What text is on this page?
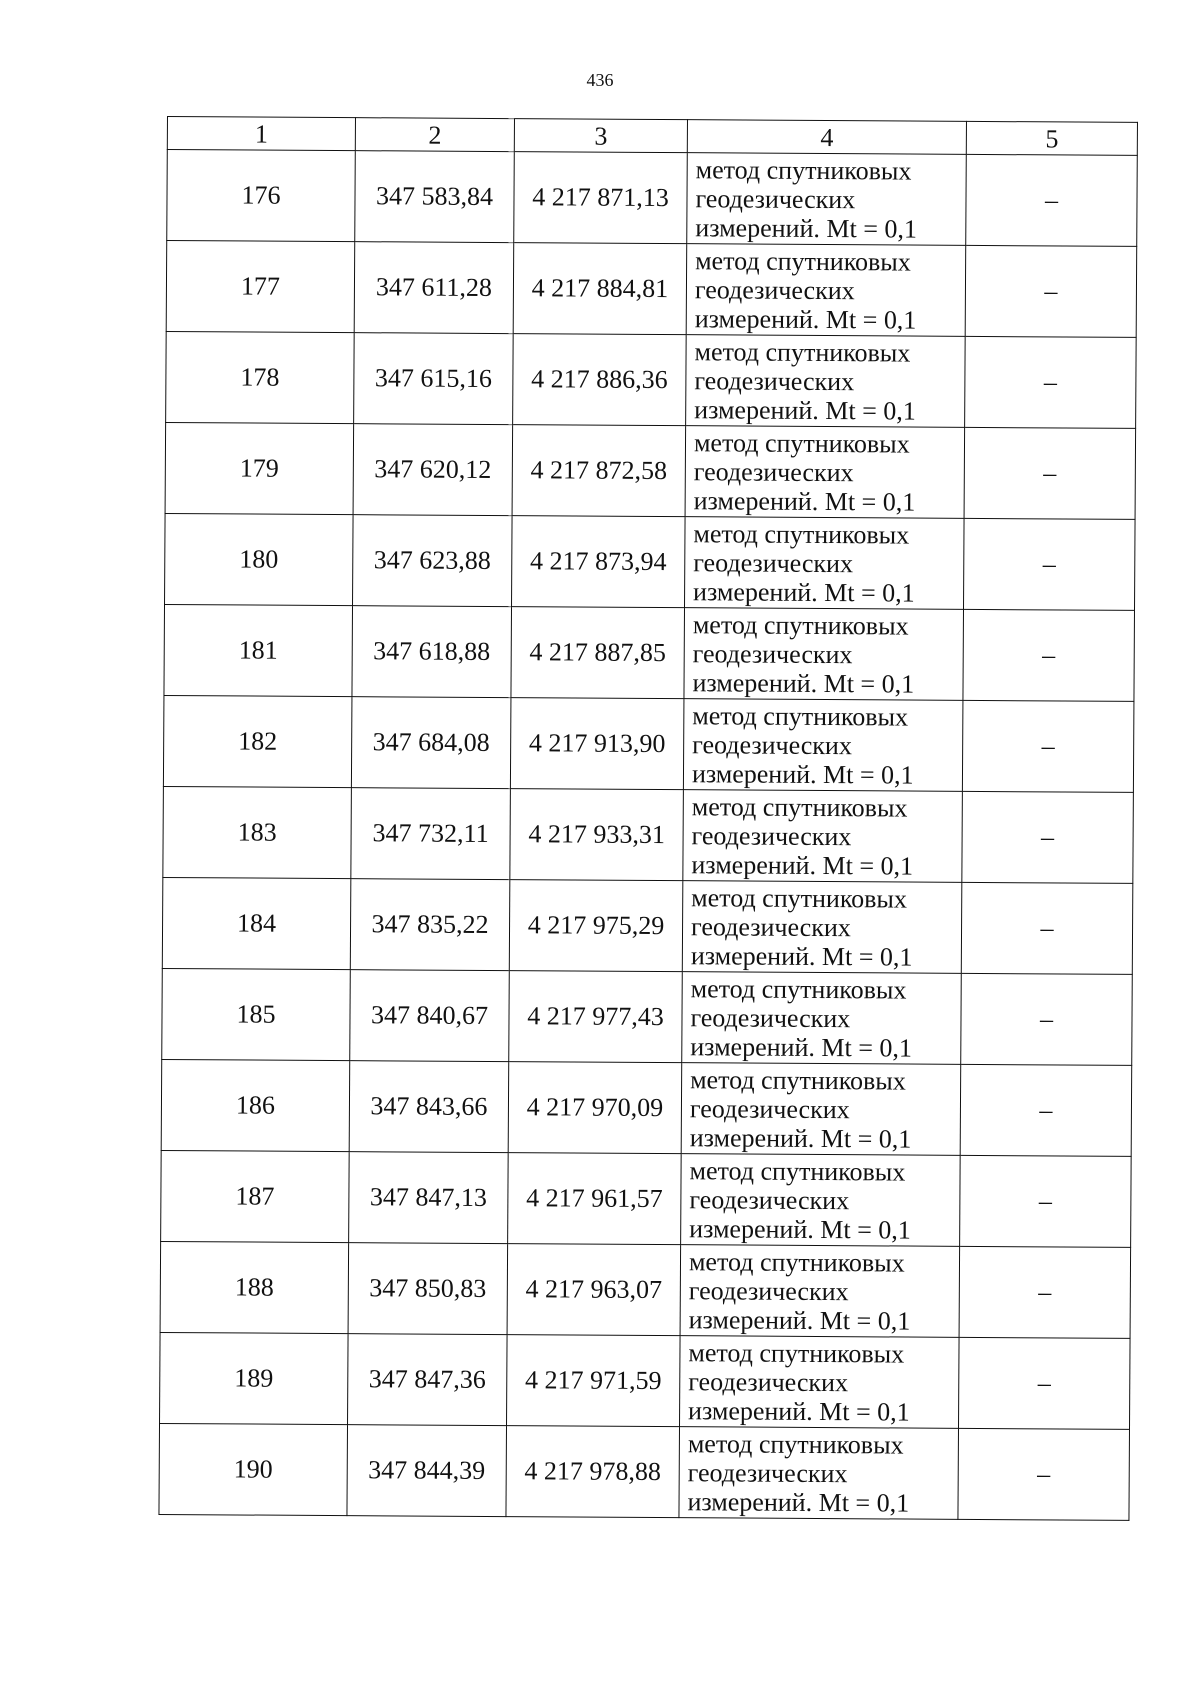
436
1	2	3	4	5
176	347 583,84	4 217 871,13	метод спутниковых
геодезических
измерений. Mt = 0,1	–
177	347 611,28	4 217 884,81	метод спутниковых
геодезических
измерений. Mt = 0,1	–
178	347 615,16	4 217 886,36	метод спутниковых
геодезических
измерений. Mt = 0,1	–
179	347 620,12	4 217 872,58	метод спутниковых
геодезических
измерений. Mt = 0,1	–
180	347 623,88	4 217 873,94	метод спутниковых
геодезических
измерений. Mt = 0,1	–
181	347 618,88	4 217 887,85	метод спутниковых
геодезических
измерений. Mt = 0,1	–
182	347 684,08	4 217 913,90	метод спутниковых
геодезических
измерений. Mt = 0,1	–
183	347 732,11	4 217 933,31	метод спутниковых
геодезических
измерений. Mt = 0,1	–
184	347 835,22	4 217 975,29	метод спутниковых
геодезических
измерений. Mt = 0,1	–
185	347 840,67	4 217 977,43	метод спутниковых
геодезических
измерений. Mt = 0,1	–
186	347 843,66	4 217 970,09	метод спутниковых
геодезических
измерений. Mt = 0,1	–
187	347 847,13	4 217 961,57	метод спутниковых
геодезических
измерений. Mt = 0,1	–
188	347 850,83	4 217 963,07	метод спутниковых
геодезических
измерений. Mt = 0,1	–
189	347 847,36	4 217 971,59	метод спутниковых
геодезических
измерений. Mt = 0,1	–
190	347 844,39	4 217 978,88	метод спутниковых
геодезических
измерений. Mt = 0,1	–
